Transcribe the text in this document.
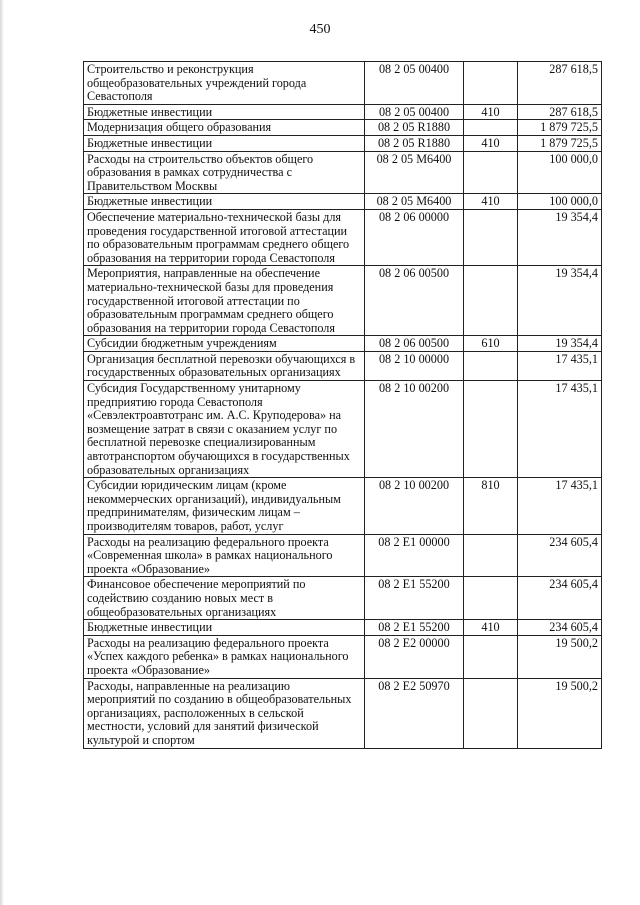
450
Строительство и реконструкция общеобразовательных учреждений города Севастополя	08 2 05 00400		287 618,5
Бюджетные инвестиции	08 2 05 00400	410	287 618,5
Модернизация общего образования	08 2 05 R1880		1 879 725,5
Бюджетные инвестиции	08 2 05 R1880	410	1 879 725,5
Расходы на строительство объектов общего образования в рамках сотрудничества с Правительством Москвы	08 2 05 М6400		100 000,0
Бюджетные инвестиции	08 2 05 М6400	410	100 000,0
Обеспечение материально-технической базы для проведения государственной итоговой аттестации по образовательным программам среднего общего образования на территории города Севастополя	08 2 06 00000		19 354,4
Мероприятия, направленные на обеспечение материально-технической базы для проведения государственной итоговой аттестации по образовательным программам среднего общего образования на территории города Севастополя	08 2 06 00500		19 354,4
Субсидии бюджетным учреждениям	08 2 06 00500	610	19 354,4
Организация бесплатной перевозки обучающихся в государственных образовательных организациях	08 2 10 00000		17 435,1
Субсидия Государственному унитарному предприятию города Севастополя «Севэлектроавтотранс им. А.С. Круподерова» на возмещение затрат в связи с оказанием услуг по бесплатной перевозке специализированным автотранспортом обучающихся в государственных образовательных организациях	08 2 10 00200		17 435,1
Субсидии юридическим лицам (кроме некоммерческих организаций), индивидуальным предпринимателям, физическим лицам – производителям товаров, работ, услуг	08 2 10 00200	810	17 435,1
Расходы на реализацию федерального проекта «Современная школа» в рамках национального проекта «Образование»	08 2 Е1 00000		234 605,4
Финансовое обеспечение мероприятий по содействию созданию новых мест в общеобразовательных организациях	08 2 Е1 55200		234 605,4
Бюджетные инвестиции	08 2 Е1 55200	410	234 605,4
Расходы на реализацию федерального проекта «Успех каждого ребенка» в рамках национального проекта «Образование»	08 2 Е2 00000		19 500,2
Расходы, направленные на реализацию мероприятий по созданию в общеобразовательных организациях, расположенных в сельской местности, условий для занятий физической культурой и спортом	08 2 Е2 50970		19 500,2
